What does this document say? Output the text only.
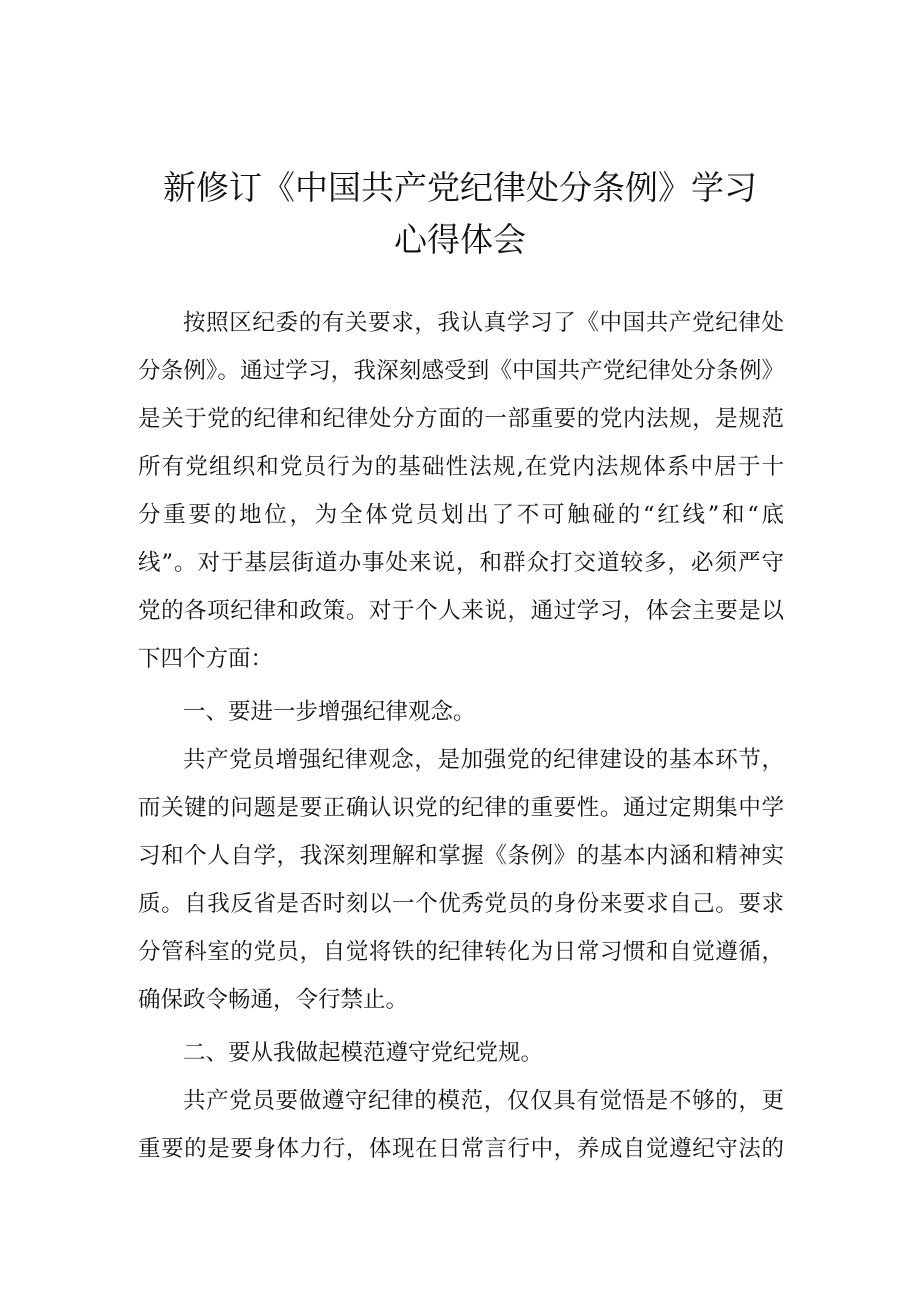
新修订《中国共产党纪律处分条例》学习
心得体会
按照区纪委的有关要求，我认真学习了《中国共产党纪律处
分条例》。通过学习，我深刻感受到《中国共产党纪律处分条例》
是关于党的纪律和纪律处分方面的一部重要的党内法规，是规范
所有党组织和党员行为的基础性法规,在党内法规体系中居于十
分重要的地位，为全体党员划出了不可触碰的“红线”和“底
线”。对于基层街道办事处来说，和群众打交道较多，必须严守
党的各项纪律和政策。对于个人来说，通过学习，体会主要是以
下四个方面：
一、要进一步增强纪律观念。
共产党员增强纪律观念，是加强党的纪律建设的基本环节，
而关键的问题是要正确认识党的纪律的重要性。通过定期集中学
习和个人自学，我深刻理解和掌握《条例》的基本内涵和精神实
质。自我反省是否时刻以一个优秀党员的身份来要求自己。要求
分管科室的党员，自觉将铁的纪律转化为日常习惯和自觉遵循，
确保政令畅通，令行禁止。
二、要从我做起模范遵守党纪党规。
共产党员要做遵守纪律的模范，仅仅具有觉悟是不够的，更
重要的是要身体力行，体现在日常言行中，养成自觉遵纪守法的
